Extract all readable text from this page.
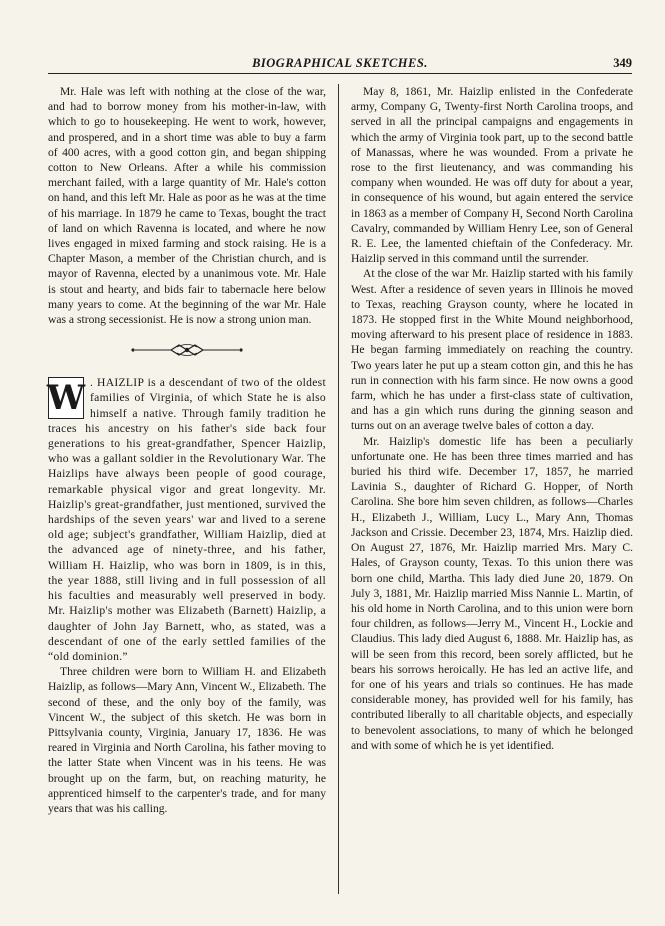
BIOGRAPHICAL SKETCHES.	349

Mr. Hale was left with nothing at the close of the war, and had to borrow money from his mother-in-law, with which to go to housekeeping. He went to work, however, and prospered, and in a short time was able to buy a farm of 400 acres, with a good cotton gin, and began shipping cotton to New Orleans. After a while his commission merchant failed, with a large quantity of Mr. Hale's cotton on hand, and this left Mr. Hale as poor as he was at the time of his marriage. In 1879 he came to Texas, bought the tract of land on which Ravenna is located, and where he now lives engaged in mixed farming and stock raising. He is a Chapter Mason, a member of the Christian church, and is mayor of Ravenna, elected by a unanimous vote. Mr. Hale is stout and hearty, and bids fair to tabernacle here below many years to come. At the beginning of the war Mr. Hale was a strong secessionist. He is now a strong union man.

W . HAIZLIP is a descendant of two of the oldest families of Virginia, of which State he is also himself a native. Through family tradition he traces his ancestry on his father's side back four generations to his great-grandfather, Spencer Haizlip, who was a gallant soldier in the Revolutionary War. The Haizlips have always been people of good courage, remarkable physical vigor and great longevity. Mr. Haizlip's great-grandfather, just mentioned, survived the hardships of the seven years' war and lived to a serene old age; subject's grandfather, William Haizlip, died at the advanced age of ninety-three, and his father, William H. Haizlip, who was born in 1809, is in this, the year 1888, still living and in full possession of all his faculties and measurably well preserved in body. Mr. Haizlip's mother was Elizabeth (Barnett) Haizlip, a daughter of John Jay Barnett, who, as stated, was a descendant of one of the early settled families of the “old dominion.”

Three children were born to William H. and Elizabeth Haizlip, as follows—Mary Ann, Vincent W., Elizabeth. The second of these, and the only boy of the family, was Vincent W., the subject of this sketch. He was born in Pittsylvania county, Virginia, January 17, 1836. He was reared in Virginia and North Carolina, his father moving to the latter State when Vincent was in his teens. He was brought up on the farm, but, on reaching maturity, he apprenticed himself to the carpenter's trade, and for many years that was his calling.

May 8, 1861, Mr. Haizlip enlisted in the Confederate army, Company G, Twenty-first North Carolina troops, and served in all the principal campaigns and engagements in which the army of Virginia took part, up to the second battle of Manassas, where he was wounded. From a private he rose to the first lieutenancy, and was commanding his company when wounded. He was off duty for about a year, in consequence of his wound, but again entered the service in 1863 as a member of Company H, Second North Carolina Cavalry, commanded by William Henry Lee, son of General R. E. Lee, the lamented chieftain of the Confederacy. Mr. Haizlip served in this command until the surrender.

At the close of the war Mr. Haizlip started with his family West. After a residence of seven years in Illinois he moved to Texas, reaching Grayson county, where he located in 1873. He stopped first in the White Mound neighborhood, moving afterward to his present place of residence in 1883. He began farming immediately on reaching the country. Two years later he put up a steam cotton gin, and this he has run in connection with his farm since. He now owns a good farm, which he has under a first-class state of cultivation, and has a gin which runs during the ginning season and turns out on an average twelve bales of cotton a day.

Mr. Haizlip's domestic life has been a peculiarly unfortunate one. He has been three times married and has buried his third wife. December 17, 1857, he married Lavinia S., daughter of Richard G. Hopper, of North Carolina. She bore him seven children, as follows—Charles H., Elizabeth J., William, Lucy L., Mary Ann, Thomas Jackson and Crissie. December 23, 1874, Mrs. Haizlip died. On August 27, 1876, Mr. Haizlip married Mrs. Mary C. Hales, of Grayson county, Texas. To this union there was born one child, Martha. This lady died June 20, 1879. On July 3, 1881, Mr. Haizlip married Miss Nannie L. Martin, of his old home in North Carolina, and to this union were born four children, as follows—Jerry M., Vincent H., Lockie and Claudius. This lady died August 6, 1888. Mr. Haizlip has, as will be seen from this record, been sorely afflicted, but he bears his sorrows heroically. He has led an active life, and for one of his years and trials so continues. He has made considerable money, has provided well for his family, has contributed liberally to all charitable objects, and especially to benevolent associations, to many of which he belonged and with some of which he is yet identified.
